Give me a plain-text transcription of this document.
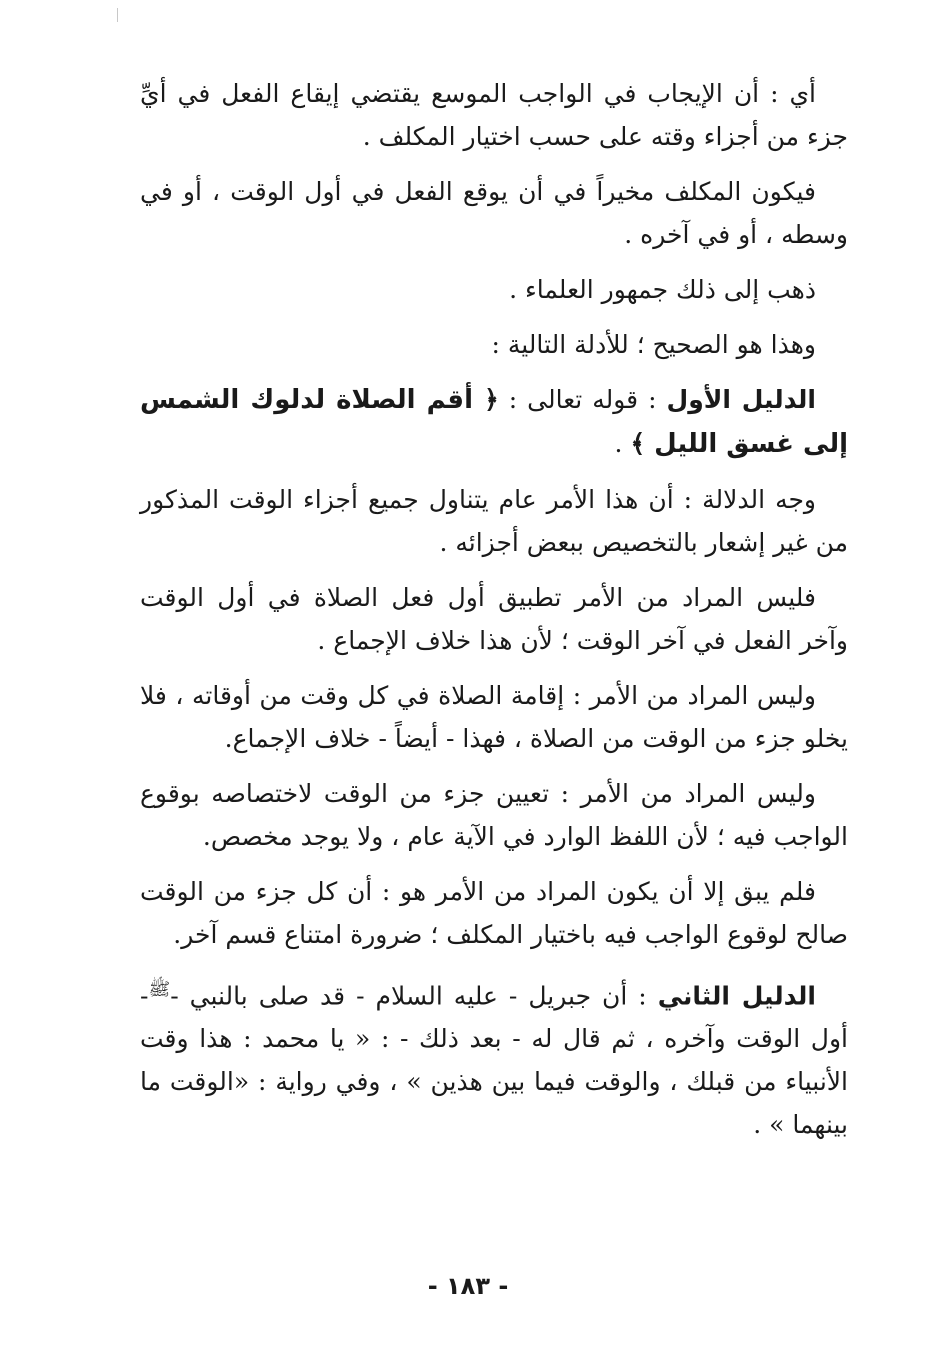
أي : أن الإيجاب في الواجب الموسع يقتضي إيقاع الفعل في أيِّ جزء من أجزاء وقته على حسب اختيار المكلف .

فيكون المكلف مخيراً في أن يوقع الفعل في أول الوقت ، أو في وسطه ، أو في آخره .

ذهب إلى ذلك جمهور العلماء .

وهذا هو الصحيح ؛ للأدلة التالية :

الدليل الأول : قوله تعالى : ﴿ أقم الصلاة لدلوك الشمس إلى غسق الليل ﴾ .

وجه الدلالة : أن هذا الأمر عام يتناول جميع أجزاء الوقت المذكور من غير إشعار بالتخصيص ببعض أجزائه .

فليس المراد من الأمر تطبيق أول فعل الصلاة في أول الوقت وآخر الفعل في آخر الوقت ؛ لأن هذا خلاف الإجماع .

وليس المراد من الأمر : إقامة الصلاة في كل وقت من أوقاته ، فلا يخلو جزء من الوقت من الصلاة ، فهذا - أيضاً - خلاف الإجماع.

وليس المراد من الأمر : تعيين جزء من الوقت لاختصاصه بوقوع الواجب فيه ؛ لأن اللفظ الوارد في الآية عام ، ولا يوجد مخصص.

فلم يبق إلا أن يكون المراد من الأمر هو : أن كل جزء من الوقت صالح لوقوع الواجب فيه باختيار المكلف ؛ ضرورة امتناع قسم آخر.

الدليل الثاني : أن جبريل - عليه السلام - قد صلى بالنبي -$^ﷺ$- أول الوقت وآخره ، ثم قال له - بعد ذلك - : « يا محمد : هذا وقت الأنبياء من قبلك ، والوقت فيما بين هذين » ، وفي رواية : «الوقت ما بينهما » .

- ١٨٣ -
